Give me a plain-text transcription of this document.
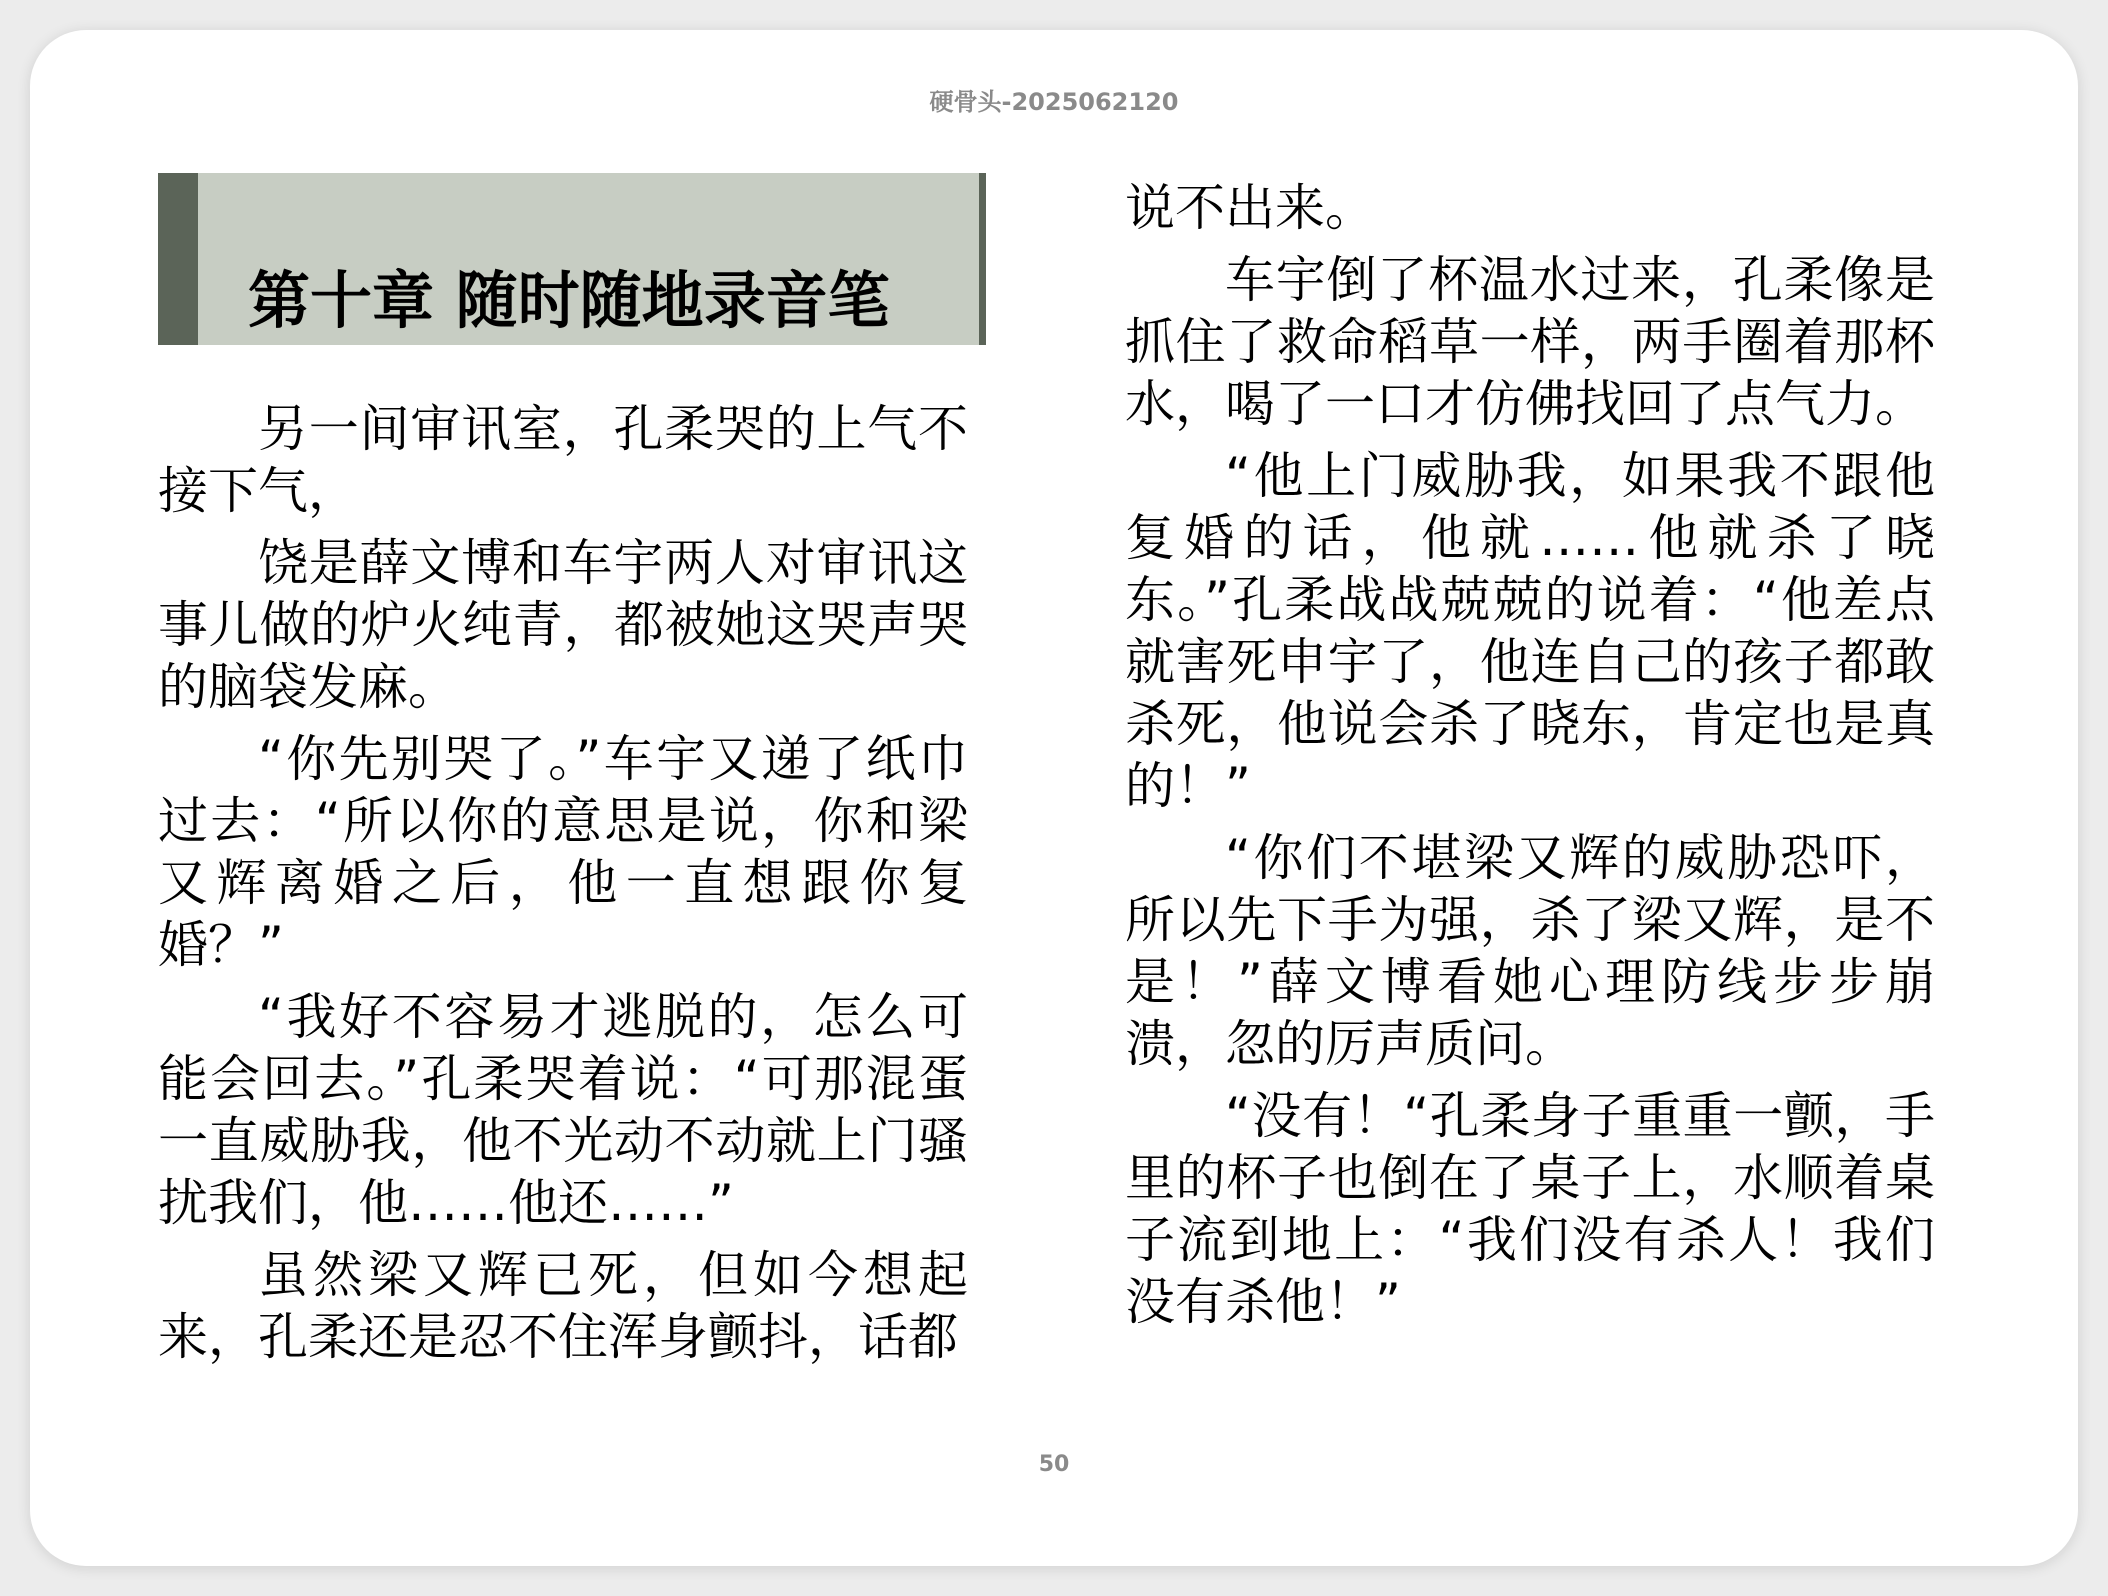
硬骨头-2025062120
第十章 随时随地录音笔

另一间审讯室，孔柔哭的上气不接下气，

饶是薛文博和车宇两人对审讯这事儿做的炉火纯青，都被她这哭声哭的脑袋发麻。

“你先别哭了。”车宇又递了纸巾过去：“所以你的意思是说，你和梁又辉离婚之后，他一直想跟你复婚？”

“我好不容易才逃脱的，怎么可能会回去。”孔柔哭着说：“可那混蛋一直威胁我，他不光动不动就上门骚扰我们，他……他还……”

虽然梁又辉已死，但如今想起来，孔柔还是忍不住浑身颤抖，话都

说不出来。

车宇倒了杯温水过来，孔柔像是抓住了救命稻草一样，两手圈着那杯水，喝了一口才仿佛找回了点气力。

“他上门威胁我，如果我不跟他复婚的话，他就……他就杀了晓东。”孔柔战战兢兢的说着：“他差点就害死申宇了，他连自己的孩子都敢杀死，他说会杀了晓东，肯定也是真的！”

“你们不堪梁又辉的威胁恐吓，所以先下手为强，杀了梁又辉，是不是！”薛文博看她心理防线步步崩溃，忽的厉声质问。

“没有！“孔柔身子重重一颤，手里的杯子也倒在了桌子上，水顺着桌子流到地上：“我们没有杀人！我们没有杀他！”

50
